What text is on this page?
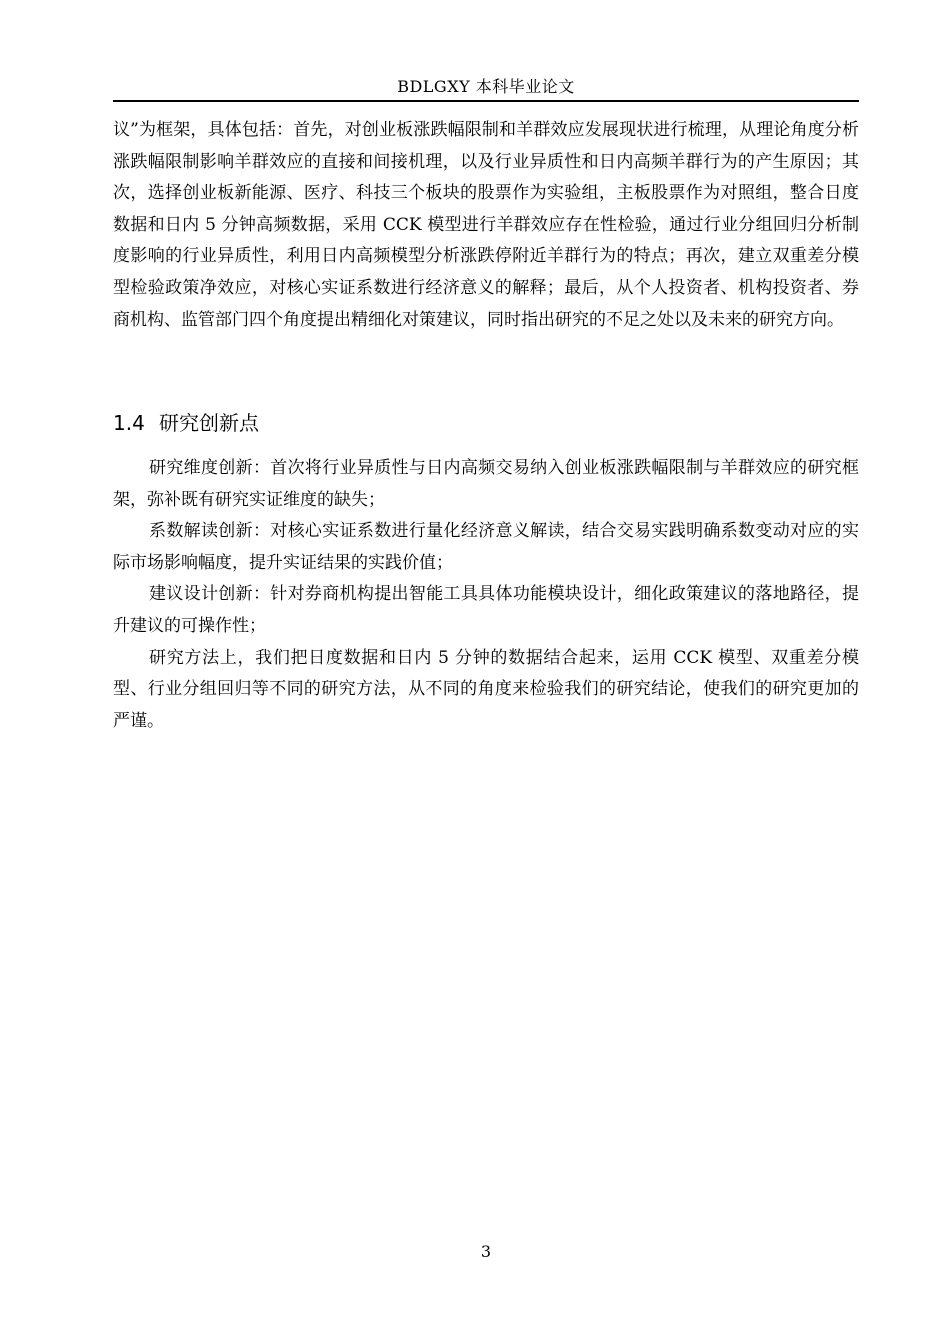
BDLGXY 本科毕业论文

议”为框架，具体包括：首先，对创业板涨跌幅限制和羊群效应发展现状进行梳理，从理论角度分析涨跌幅限制影响羊群效应的直接和间接机理，以及行业异质性和日内高频羊群行为的产生原因；其次，选择创业板新能源、医疗、科技三个板块的股票作为实验组，主板股票作为对照组，整合日度数据和日内 5 分钟高频数据，采用 CCK 模型进行羊群效应存在性检验，通过行业分组回归分析制度影响的行业异质性，利用日内高频模型分析涨跌停附近羊群行为的特点；再次，建立双重差分模型检验政策净效应，对核心实证系数进行经济意义的解释；最后，从个人投资者、机构投资者、券商机构、监管部门四个角度提出精细化对策建议，同时指出研究的不足之处以及未来的研究方向。

1.4 研究创新点

研究维度创新：首次将行业异质性与日内高频交易纳入创业板涨跌幅限制与羊群效应的研究框架，弥补既有研究实证维度的缺失；

系数解读创新：对核心实证系数进行量化经济意义解读，结合交易实践明确系数变动对应的实际市场影响幅度，提升实证结果的实践价值；

建议设计创新：针对券商机构提出智能工具具体功能模块设计，细化政策建议的落地路径，提升建议的可操作性；

研究方法上，我们把日度数据和日内 5 分钟的数据结合起来，运用 CCK 模型、双重差分模型、行业分组回归等不同的研究方法，从不同的角度来检验我们的研究结论，使我们的研究更加的严谨。

3
